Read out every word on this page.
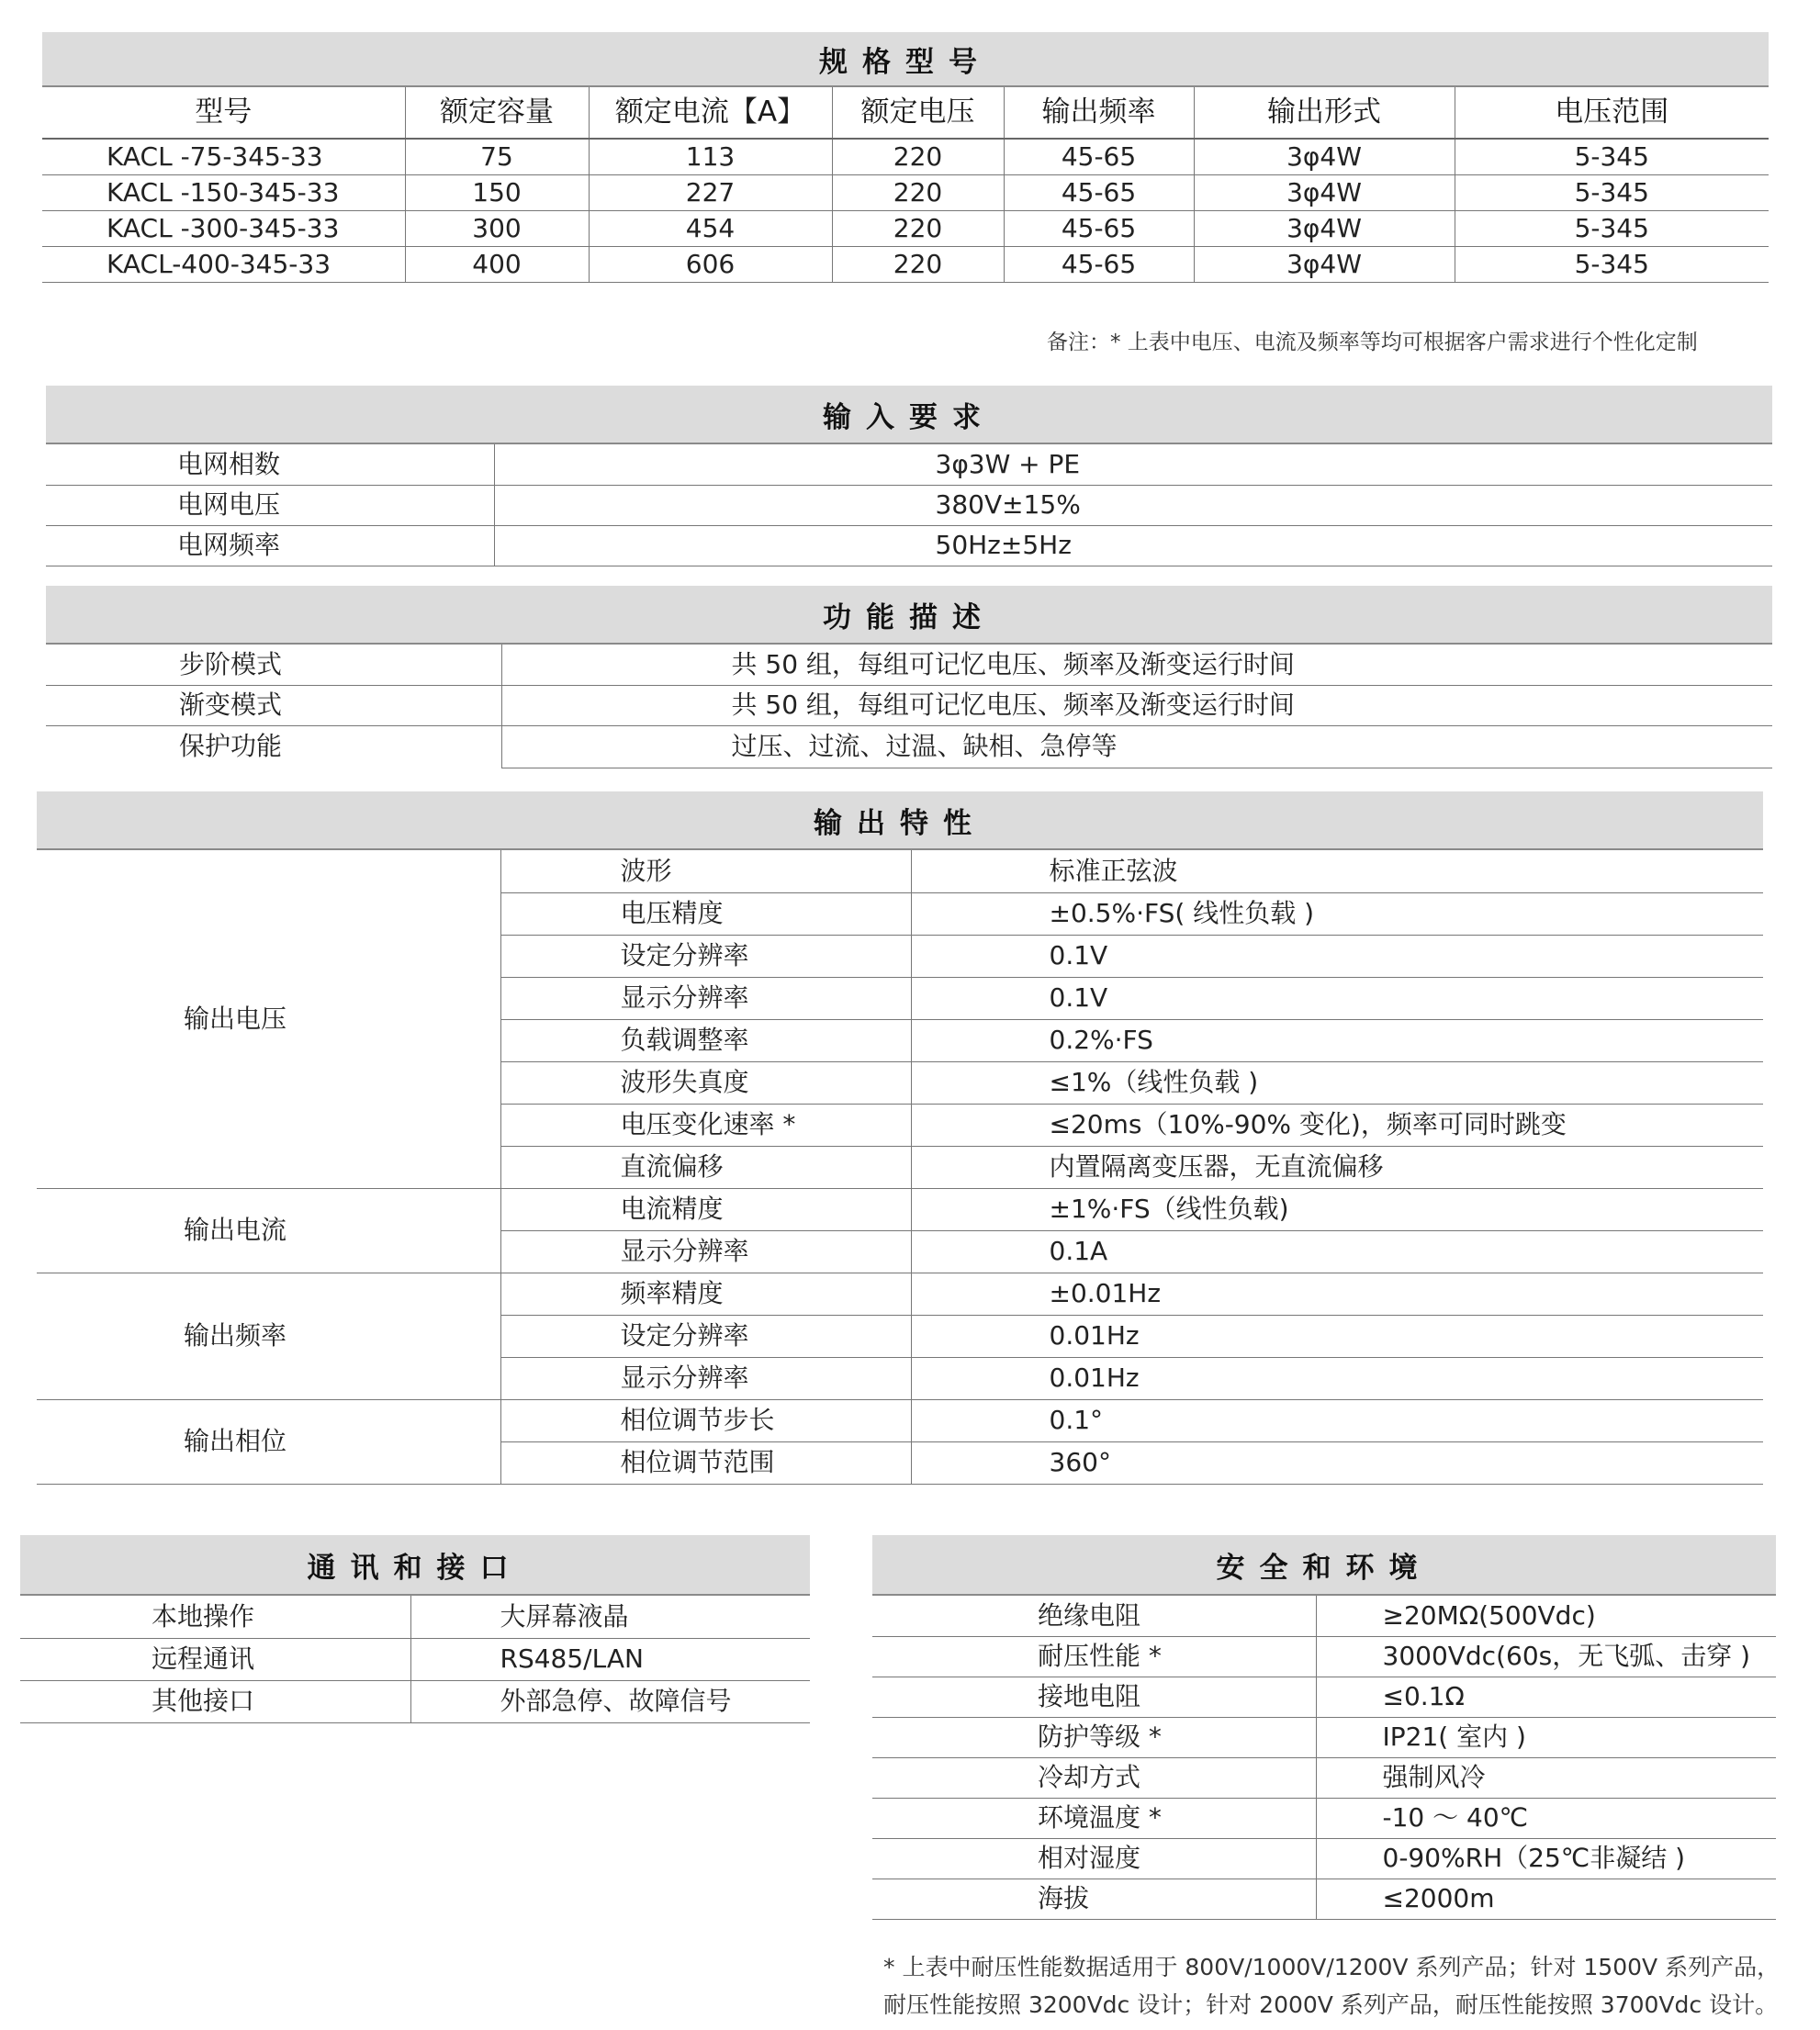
规格型号
型号	额定容量	额定电流【A】	额定电压	输出频率	输出形式	电压范围
KACL -75-345-33	75	113	220	45-65	3φ4W	5-345
KACL -150-345-33	150	227	220	45-65	3φ4W	5-345
KACL -300-345-33	300	454	220	45-65	3φ4W	5-345
KACL-400-345-33	400	606	220	45-65	3φ4W	5-345
备注：* 上表中电压、电流及频率等均可根据客户需求进行个性化定制
输入要求
电网相数	3φ3W + PE
电网电压	380V±15%
电网频率	50Hz±5Hz
功能描述
步阶模式	共 50 组，每组可记忆电压、频率及渐变运行时间
渐变模式	共 50 组，每组可记忆电压、频率及渐变运行时间
保护功能	过压、过流、过温、缺相、急停等
输出特性
输出电压	波形	标准正弦波
	电压精度	±0.5%·FS( 线性负载 )
	设定分辨率	0.1V
	显示分辨率	0.1V
	负载调整率	0.2%·FS
	波形失真度	≤1%（线性负载 )
	电压变化速率 *	≤20ms（10%-90% 变化)，频率可同时跳变
	直流偏移	内置隔离变压器，无直流偏移
输出电流	电流精度	±1%·FS（线性负载)
	显示分辨率	0.1A
输出频率	频率精度	±0.01Hz
	设定分辨率	0.01Hz
	显示分辨率	0.01Hz
输出相位	相位调节步长	0.1°
	相位调节范围	360°
通讯和接口
本地操作	大屏幕液晶
远程通讯	RS485/LAN
其他接口	外部急停、故障信号
安全和环境
绝缘电阻	≥20MΩ(500Vdc)
耐压性能 *	3000Vdc(60s，无飞弧、击穿 )
接地电阻	≤0.1Ω
防护等级 *	IP21( 室内 )
冷却方式	强制风冷
环境温度 *	-10 ～ 40℃
相对湿度	0-90%RH（25℃非凝结 )
海拔	≤2000m
* 上表中耐压性能数据适用于 800V/1000V/1200V 系列产品；针对 1500V 系列产品，
耐压性能按照 3200Vdc 设计；针对 2000V 系列产品，耐压性能按照 3700Vdc 设计。
